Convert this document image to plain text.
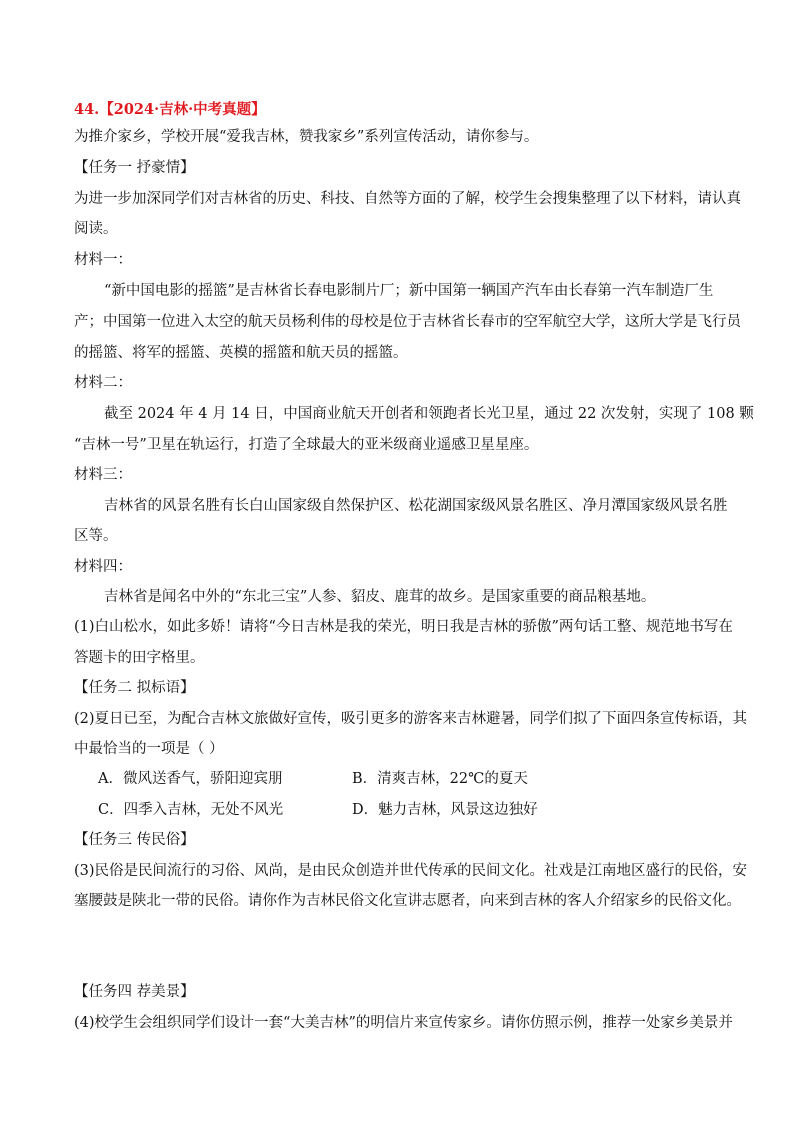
44.【2024·吉林·中考真题】
为推介家乡，学校开展“爱我吉林，赞我家乡”系列宣传活动，请你参与。
【任务一 抒豪情】
为进一步加深同学们对吉林省的历史、科技、自然等方面的了解，校学生会搜集整理了以下材料，请认真
阅读。
材料一：
“新中国电影的摇篮”是吉林省长春电影制片厂；新中国第一辆国产汽车由长春第一汽车制造厂生
产；中国第一位进入太空的航天员杨利伟的母校是位于吉林省长春市的空军航空大学，这所大学是飞行员
的摇篮、将军的摇篮、英模的摇篮和航天员的摇篮。
材料二：
截至 2024 年 4 月 14 日，中国商业航天开创者和领跑者长光卫星，通过 22 次发射，实现了 108 颗
“吉林一号”卫星在轨运行，打造了全球最大的亚米级商业遥感卫星星座。
材料三：
吉林省的风景名胜有长白山国家级自然保护区、松花湖国家级风景名胜区、净月潭国家级风景名胜
区等。
材料四：
吉林省是闻名中外的“东北三宝”人参、貂皮、鹿茸的故乡。是国家重要的商品粮基地。
(1)白山松水，如此多娇！请将“今日吉林是我的荣光，明日我是吉林的骄傲”两句话工整、规范地书写在
答题卡的田字格里。
【任务二 拟标语】
(2)夏日已至，为配合吉林文旅做好宣传，吸引更多的游客来吉林避暑，同学们拟了下面四条宣传标语，其
中最恰当的一项是（ ）
A．微风送香气，骄阳迎宾朋	B．清爽吉林，22℃的夏天
C．四季入吉林，无处不风光	D．魅力吉林，风景这边独好
【任务三 传民俗】
(3)民俗是民间流行的习俗、风尚，是由民众创造并世代传承的民间文化。社戏是江南地区盛行的民俗，安
塞腰鼓是陕北一带的民俗。请你作为吉林民俗文化宣讲志愿者，向来到吉林的客人介绍家乡的民俗文化。
【任务四 荐美景】
(4)校学生会组织同学们设计一套“大美吉林”的明信片来宣传家乡。请你仿照示例，推荐一处家乡美景并
